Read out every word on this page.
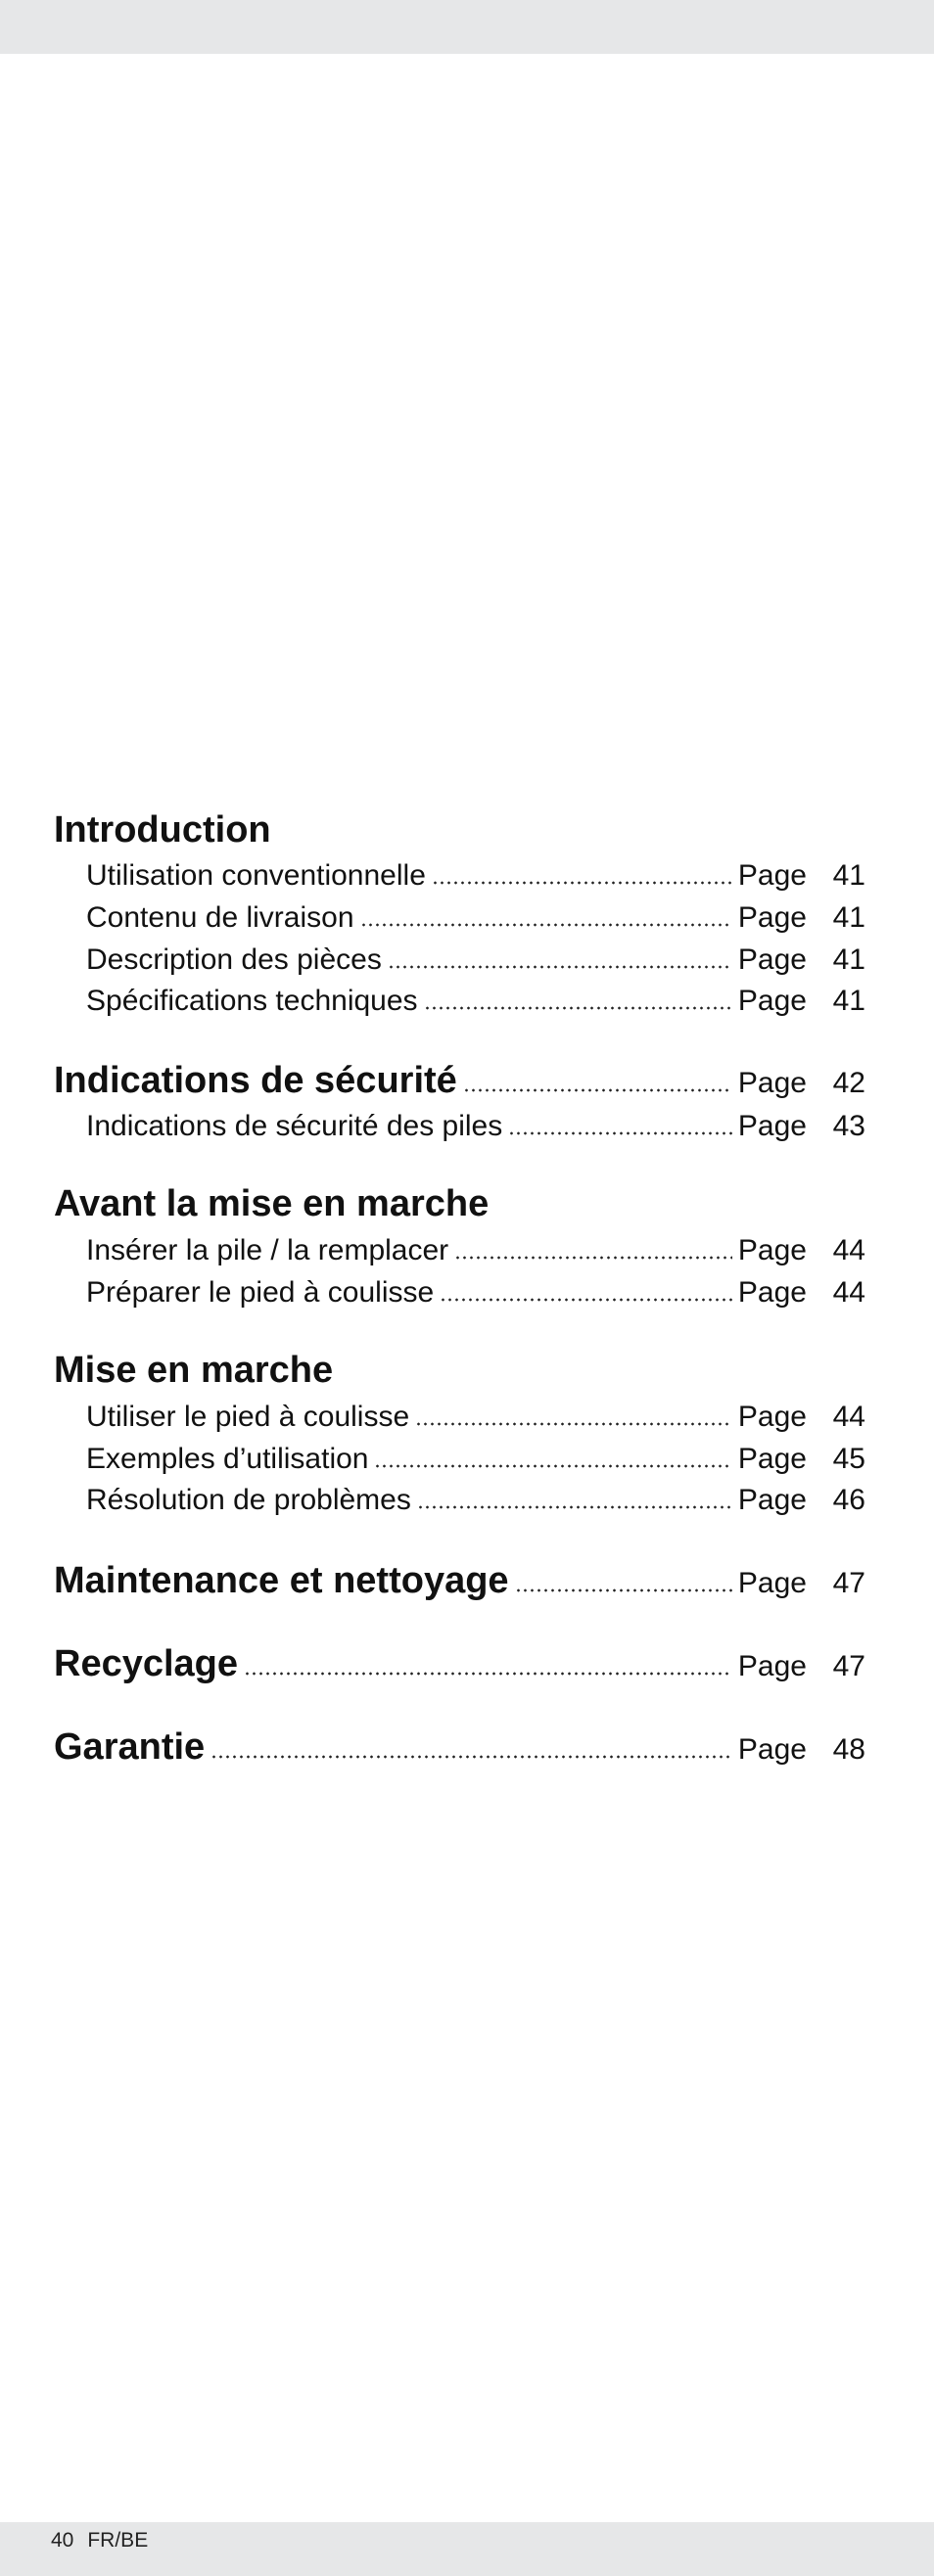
Introduction
Utilisation conventionnelle	Page 41
Contenu de livraison	Page 41
Description des pièces	Page 41
Spécifications techniques	Page 41
Indications de sécurité	Page 42
Indications de sécurité des piles	Page 43
Avant la mise en marche
Insérer la pile / la remplacer	Page 44
Préparer le pied à coulisse	Page 44
Mise en marche
Utiliser le pied à coulisse	Page 44
Exemples d’utilisation	Page 45
Résolution de problèmes	Page 46
Maintenance et nettoyage	Page 47
Recyclage	Page 47
Garantie	Page 48
40 FR/BE
